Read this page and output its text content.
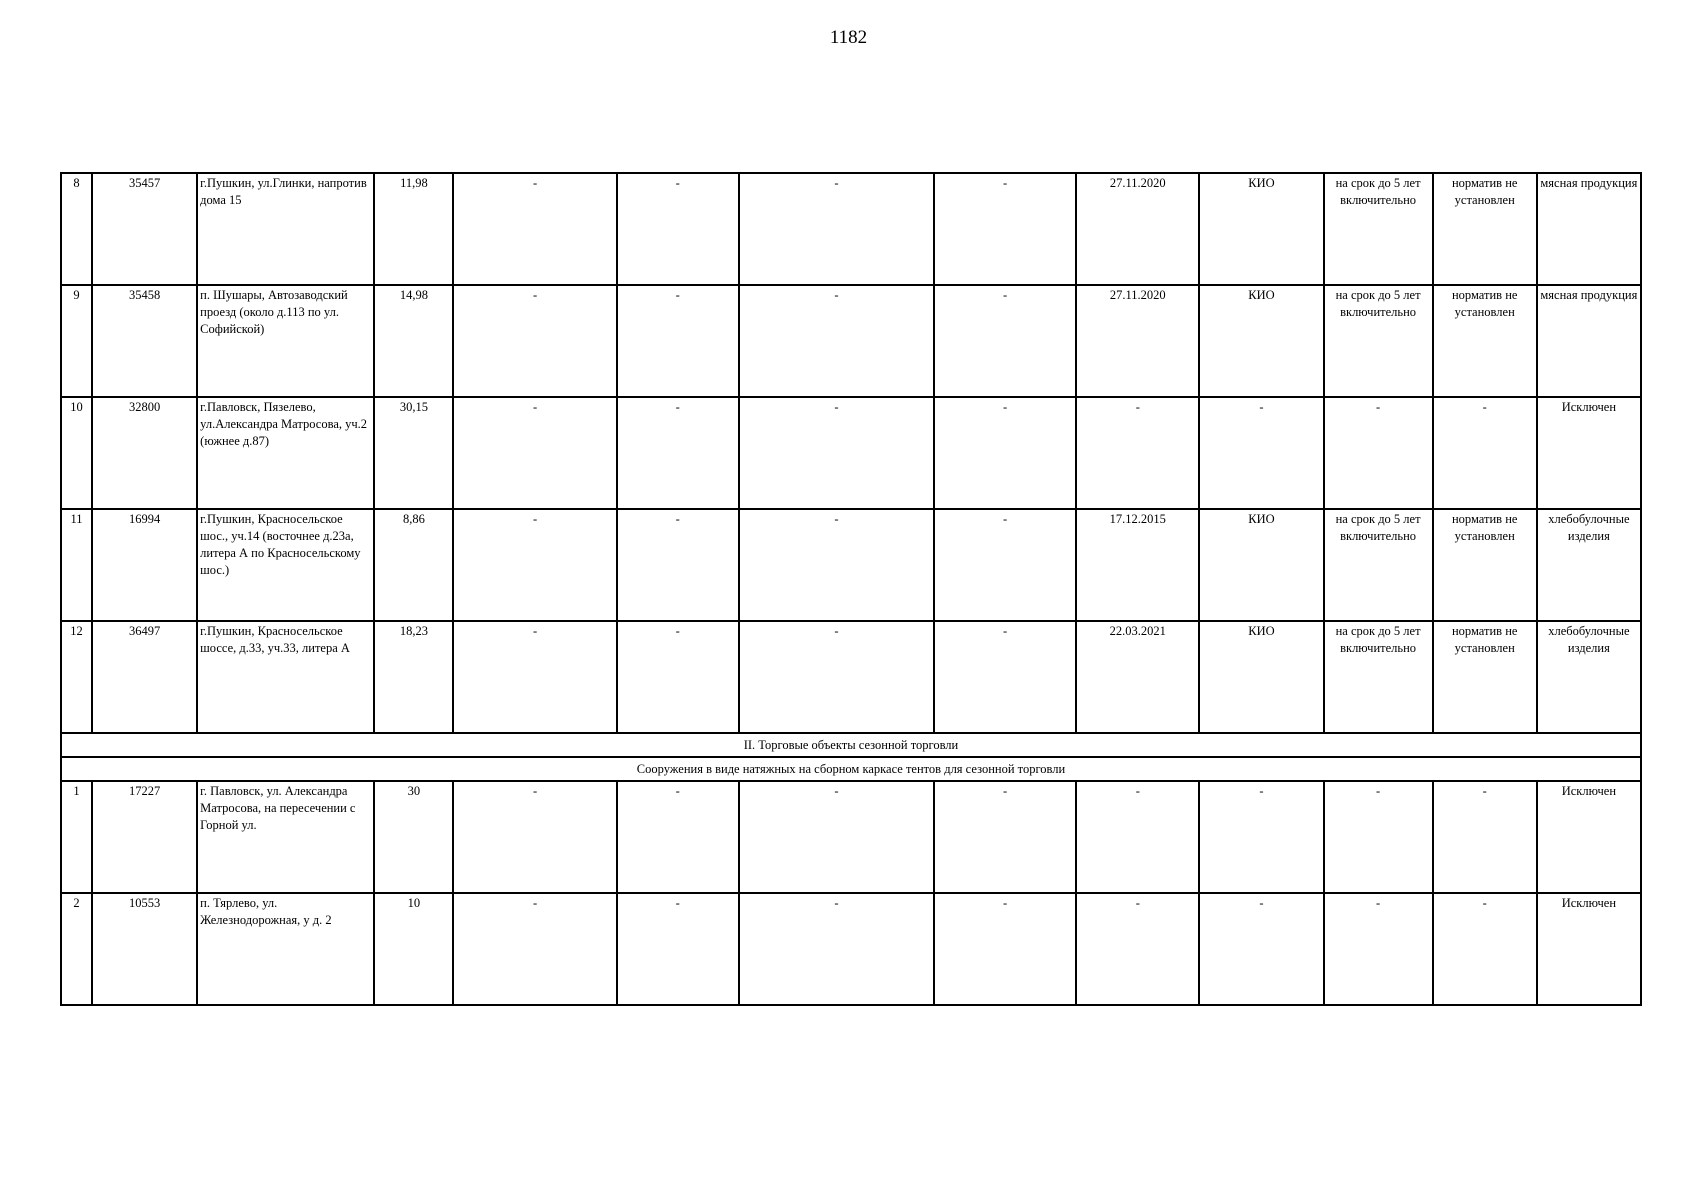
1182
8	35457	г.Пушкин, ул.Глинки, напротив дома 15	11,98	-	-	-	-	27.11.2020	КИО	на срок до 5 лет включительно	норматив не установлен	мясная продукция
9	35458	п. Шушары, Автозаводский проезд (около д.113 по ул. Софийской)	14,98	-	-	-	-	27.11.2020	КИО	на срок до 5 лет включительно	норматив не установлен	мясная продукция
10	32800	г.Павловск, Пязелево, ул.Александра Матросова, уч.2 (южнее д.87)	30,15	-	-	-	-	-	-	-	-	Исключен
11	16994	г.Пушкин, Красносельское шос., уч.14 (восточнее д.23а, литера А по Красносельскому шос.)	8,86	-	-	-	-	17.12.2015	КИО	на срок до 5 лет включительно	норматив не установлен	хлебобулочные изделия
12	36497	г.Пушкин, Красносельское шоссе, д.33, уч.33, литера А	18,23	-	-	-	-	22.03.2021	КИО	на срок до 5 лет включительно	норматив не установлен	хлебобулочные изделия
II. Торговые объекты сезонной торговли												
Сооружения в виде натяжных на сборном каркасе тентов для сезонной торговли												
1	17227	г. Павловск, ул. Александра Матросова, на пересечении с Горной ул.	30	-	-	-	-	-	-	-	-	Исключен
2	10553	п. Тярлево, ул. Железнодорожная, у д. 2	10	-	-	-	-	-	-	-	-	Исключен
